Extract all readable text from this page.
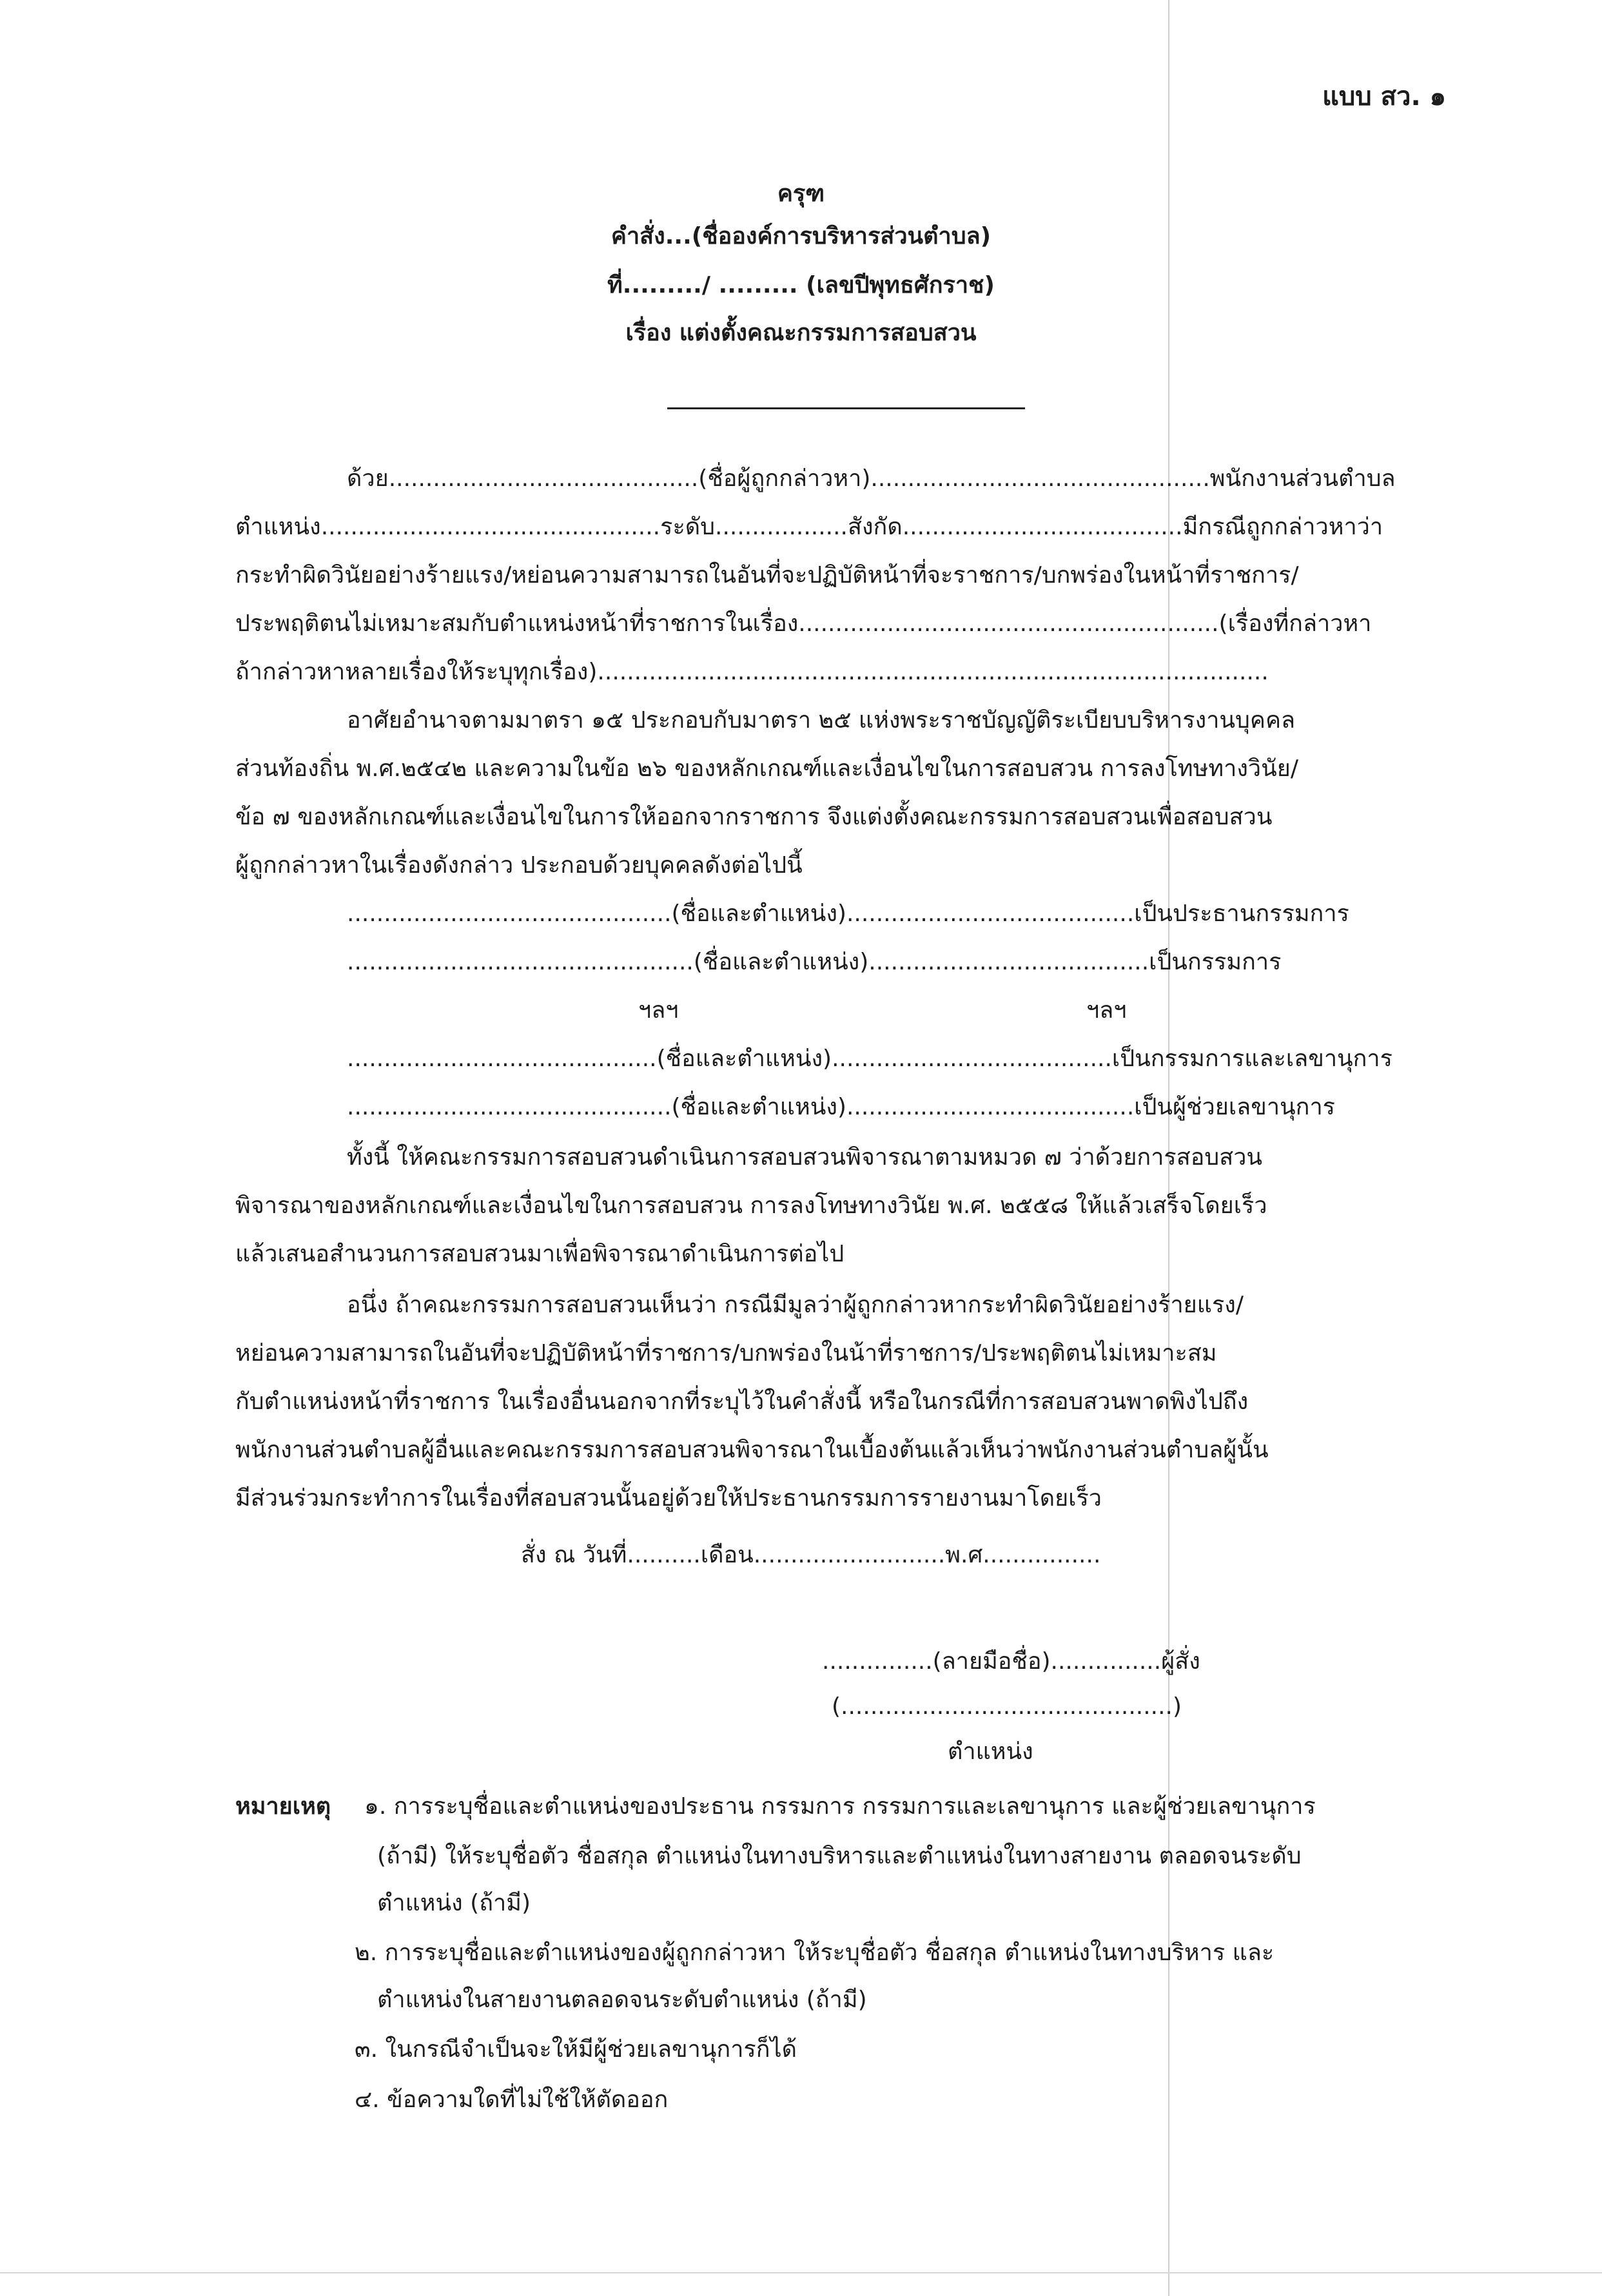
แบบ สว. ๑
ครุฑ
คำสั่ง...(ชื่อองค์การบริหารส่วนตำบล)
ที่........./ ......... (เลขปีพุทธศักราช)
เรื่อง แต่งตั้งคณะกรรมการสอบสวน
ด้วย..........................................(ชื่อผู้ถูกกล่าวหา)..............................................พนักงานส่วนตำบล
ตำแหน่ง..............................................ระดับ..................สังกัด......................................มีกรณีถูกกล่าวหาว่า
กระทำผิดวินัยอย่างร้ายแรง/หย่อนความสามารถในอันที่จะปฏิบัติหน้าที่จะราชการ/บกพร่องในหน้าที่ราชการ/
ประพฤติตนไม่เหมาะสมกับตำแหน่งหน้าที่ราชการในเรื่อง.........................................................(เรื่องที่กล่าวหา
ถ้ากล่าวหาหลายเรื่องให้ระบุทุกเรื่อง)...........................................................................................
อาศัยอำนาจตามมาตรา ๑๕ ประกอบกับมาตรา ๒๕ แห่งพระราชบัญญัติระเบียบบริหารงานบุคคล
ส่วนท้องถิ่น พ.ศ.๒๕๔๒ และความในข้อ ๒๖ ของหลักเกณฑ์และเงื่อนไขในการสอบสวน การลงโทษทางวินัย/
ข้อ ๗ ของหลักเกณฑ์และเงื่อนไขในการให้ออกจากราชการ จึงแต่งตั้งคณะกรรมการสอบสวนเพื่อสอบสวน
ผู้ถูกกล่าวหาในเรื่องดังกล่าว ประกอบด้วยบุคคลดังต่อไปนี้
............................................(ชื่อและตำแหน่ง).......................................เป็นประธานกรรมการ
...............................................(ชื่อและตำแหน่ง)......................................เป็นกรรมการ
ฯลฯ	ฯลฯ
..........................................(ชื่อและตำแหน่ง)......................................เป็นกรรมการและเลขานุการ
............................................(ชื่อและตำแหน่ง).......................................เป็นผู้ช่วยเลขานุการ
ทั้งนี้ ให้คณะกรรมการสอบสวนดำเนินการสอบสวนพิจารณาตามหมวด ๗ ว่าด้วยการสอบสวน
พิจารณาของหลักเกณฑ์และเงื่อนไขในการสอบสวน การลงโทษทางวินัย พ.ศ. ๒๕๕๘ ให้แล้วเสร็จโดยเร็ว
แล้วเสนอสำนวนการสอบสวนมาเพื่อพิจารณาดำเนินการต่อไป
อนึ่ง ถ้าคณะกรรมการสอบสวนเห็นว่า กรณีมีมูลว่าผู้ถูกกล่าวหากระทำผิดวินัยอย่างร้ายแรง/
หย่อนความสามารถในอันที่จะปฏิบัติหน้าที่ราชการ/บกพร่องในน้าที่ราชการ/ประพฤติตนไม่เหมาะสม
กับตำแหน่งหน้าที่ราชการ ในเรื่องอื่นนอกจากที่ระบุไว้ในคำสั่งนี้ หรือในกรณีที่การสอบสวนพาดพิงไปถึง
พนักงานส่วนตำบลผู้อื่นและคณะกรรมการสอบสวนพิจารณาในเบื้องต้นแล้วเห็นว่าพนักงานส่วนตำบลผู้นั้น
มีส่วนร่วมกระทำการในเรื่องที่สอบสวนนั้นอยู่ด้วยให้ประธานกรรมการรายงานมาโดยเร็ว
สั่ง ณ วันที่..........เดือน..........................พ.ศ................
...............(ลายมือชื่อ)...............ผู้สั่ง
(.............................................)
ตำแหน่ง
หมายเหตุ ๑. การระบุชื่อและตำแหน่งของประธาน กรรมการ กรรมการและเลขานุการ และผู้ช่วยเลขานุการ
(ถ้ามี) ให้ระบุชื่อตัว ชื่อสกุล ตำแหน่งในทางบริหารและตำแหน่งในทางสายงาน ตลอดจนระดับ
ตำแหน่ง (ถ้ามี)
๒. การระบุชื่อและตำแหน่งของผู้ถูกกล่าวหา ให้ระบุชื่อตัว ชื่อสกุล ตำแหน่งในทางบริหาร และ
ตำแหน่งในสายงานตลอดจนระดับตำแหน่ง (ถ้ามี)
๓. ในกรณีจำเป็นจะให้มีผู้ช่วยเลขานุการก็ได้
๔. ข้อความใดที่ไม่ใช้ให้ตัดออก
